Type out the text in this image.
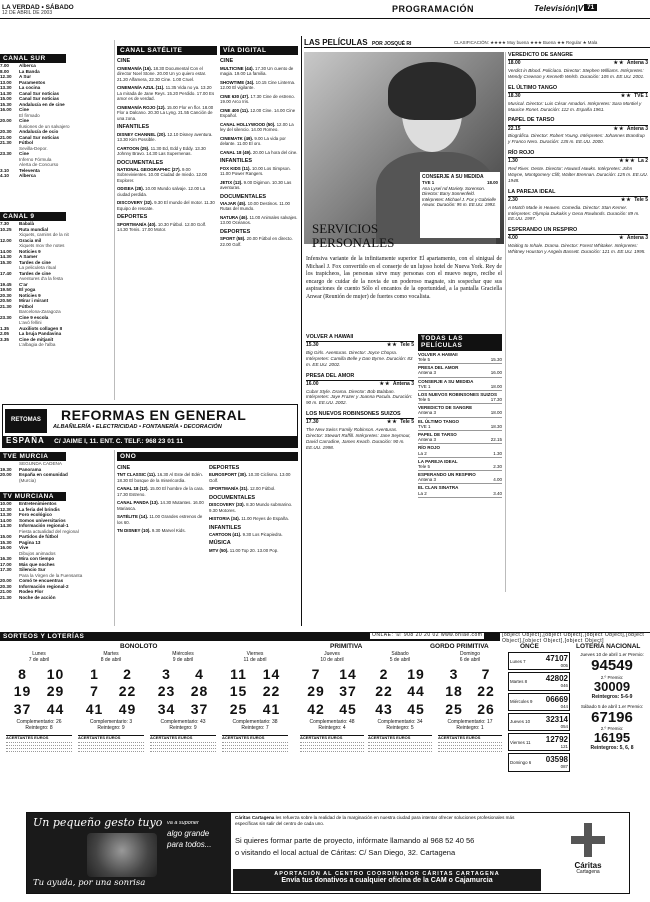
LA VERDAD • SÁBADO
12 DE ABRIL DE 2003	PROGRAMACIÓN	Televisión|V 71
CANAL SUR
7.00	Alberca
8.00	La Banda
12.30	A Sur
13.00	Paramentos
13.30	La cocina
14.30	Canal Sur noticias
15.00	Canal Sur noticias
15.30	Andalucía en de cine
16.00	Cine
El firmado
20.00	Cine
Ilusiones de un salvajero
20.30	Andalucía de ocio
21.00	Canal Sur noticias
21.30	Fútbol
Sevilla-Depor.
23.30	Cine
Inferno Fórmula
Alerta de Concurso
3.10	Televenta
4.10	Alberca
CANAL 9
7.30	Babalà
10.25	Ruta mundial
Xiquets, camins de la nit
12.00	Gracia mil
Xiquets mov the notes
14.00	Notícies 9
14.30	A Samer
15.30	Tardes de cine
La peliculeta ritual
17.40	Tardes de cine
Aventures d'a la festa
19.45	C'ar
19.50	El yoga
20.30	Notícies 9
20.50	Mirar i mirant
21.30	Fútbol
Barcelona-Zaragoza
23.30	Cine 9 escola
L'avó fellini
1.35	Auxiliots collagen II
2.05	La bruja Pandavina
3.35	Cine de mitjanit
L'albagia de l'alba
CANAL SATÉLITE
CINE
CINEMANÍA (16). 18.30 Documental Con el director Noel Stone. 20.00 Un yo quiero estar. 21.20 Alfamera, 22.30 Cine. 1.00 Cruel.
CINEMANÍA AZUL (11). 11.35 Vida no ya. 13.20 La mirada de Jane Reys. 15.20 Perdido. 17.00 Es amor es de verdad.
CINEMANÍA ROJO (12). 15.00 Flor en flor. 18.00 Flor a Dalcano. 20.30 La Lyng. 21.55 Canción de una zona.
INFANTILES
DISNEY CHANNEL (20). 12.10 Disney aventura. 13.30 Kim Possible.
CARTOON (25). 11.30 Ed, Edd y Eddy. 13.30 Johnny Bravo. 14.30 Las Supernenas.
DOCUMENTALES
NATIONAL GEOGRAPHIC (27). 9.00 Sobrevivientes. 10.00 Ciudad de miedo. 12.00 Explorer.
ODISEA (28). 10.00 Mundo salvaje. 12.00 La ciudad perdida.
DISCOVERY (32). 9.30 El mundo del motor. 11.30 Equipo de rescate.
DEPORTES
SPORTMANÍA (40). 10.30 Fútbol. 12.00 Golf. 14.30 Tenis. 17.00 Motor.
VÍA DIGITAL
CINE
MULTICINE (44). 17.30 Un cuento de magia. 19.00 La familia.
SHOWTIME (34). 10.15 Cine Linterna. 12.00 El vigilante.
CINE 630 (47). 17.30 Cine de estreno. 19.00 Arco Iris.
CINE 400 (11). 12.00 Cine. 14.00 Cine Español.
CANAL HOLLYWOOD (50). 12.00 La ley del silencio. 14.00 Romeo.
CINEMATK (49). 9.00 La vida por delante. 11.00 El oro.
CANAL 18 (49). 20.00 La hora del cine.
INFANTILES
FOX KIDS (11). 10.00 Los Simpson. 11.00 Power Rangers.
JETIX (12). 9.00 Digimon. 10.30 Las aventuras.
DOCUMENTALES
VIAJAR (45). 10.00 Destinos. 11.00 Rutas del mundo.
NATURA (46). 11.00 Animales salvajes. 13.00 Océanos.
DEPORTES
SPORT (58). 20.00 Fútbol en directo. 22.00 Golf.
RETOMAS	REFORMAS EN GENERAL
ALBAÑILERÍA • ELECTRICIDAD • FONTANERÍA • DECORACIÓN
ESPAÑA C/ JAIME I, 11. ENT. C. TELF.: 968 23 01 11
TVE MURCIA
SEGUNDA CADENA
19.30	Panorama
20.00	España en comunidad
(Murcia)
TV MURCIANA
10.00	Entretenimientos
12.30	La feria del brindis
13.30	Foro ecológico
14.00	Somos universitarios
14.30	Información regional-1
Fiesta actualidad del regional
15.00	Partidos de fútbol
15.30	Pagina 13
16.00	Vive
Dibujos animados
16.30	Mira con tiempo
17.00	Más que noches
17.30	Silencio Sur
Para la Virgen de la Fuensanta
20.00	Comó te encuentras
20.30	Información regional-2
21.00	Rodeo Flor
21.30	Noche de acción
ONO
CINE
TNT CLASSIC (11). 16.30 Al Este del Edén. 18.30 El bosque de la misericordia.
CANAL 18 (12). 15.00 El hombre de la cara. 17.30 Estreno.
CANAL PANDA (13). 14.30 Mutantes. 16.00 Mariasca.
SATÉLITE (14). 11.00 Grandes estrenos de los 60.
TN DISNEY (10). 9.30 Marvel Kids.
DEPORTES
EUROSPORT (30). 10.30 Ciclismo. 13.00 Golf.
SPORTMANÍA (31). 12.00 Fútbol.
DOCUMENTALES
DISCOVERY (33). 8.30 Mundo submarino. 9.30 Motores.
HISTORIA (34). 11.00 Reyes de España.
INFANTILES
CARTOON (41). 9.30 Los Picapiedra.
MÚSICA
MTV (50). 11.00 Top 20. 13.00 Pop.
LAS PELÍCULAS POR JOSQUÉ RI	CLASIFICACIÓN: ★★★★ Muy buena ★★★ Buena ★★ Regular ★ Mala
CONSERJE A SU MEDIDA
TVE 1	18.00
Ana Lysel nd Mariety. Sorenson. Director: Barry Sonnenfeld. Intérpretes: Michael J. Fox y Gabrielle Anwar. Duración: 95 m. EE.UU. 1993.
SERVICIOS PERSONALES
Infensiva variante de la infinitamente superior El apartamento, con el sinigual de Michael J. Fox convertido en el conserje de un lujoso hotel de Nueva York. Rey de los trapicheos, las personas sirve muy personas con el muevo negro, recibe el encargo de cuidar de la novia de un poderoso magnate, sin sospechar que sus aspiraciones de cuento Sólo el encantos de la oportunidad, a la pantalla Graciella Anwar (Reunión de mujer) de fuertes como vocalista.
VOLVER A HAWAII
15.30	★★ Tele 5
Big Girls. Aventuras. Director: Joyce Chopra. Intérpretes: Camilla Belle y Dan Byrne. Duración: 83 m. EE.UU. 2002.
PRESA DEL AMOR
16.00	★★ Antena 3
Cuba! Style. Drama. Director: Bob Balaban. Intérpretes: Jaye Frazer y Joanna Pacula. Duración: 90 m. EE.UU. 2002.
LOS NUEVOS ROBINSONES SUIZOS
17.30	★★ Tele 5
The New Swiss Family Robinson. Aventuras. Director: Stewart Raffill. Intérpretes: Jane Seymour, David Carradine, James Keach. Duración: 90 m. EE.UU. 1998.
TODAS LAS PELÍCULAS
VOLVER A HAWAII
Tele 5	15.30
PRESA DEL AMOR
Antena 3	16.00
CONSERJE A SU MEDIDA
TVE 1	18.00
LOS NUEVOS ROBINSONES SUIZOS
Tele 5	17.30
VEREDICTO DE SANGRE
Antena 3	18.00
EL ÚLTIMO TANGO
TVE 1	18.30
PAPEL DE TARSO
Antena 3	22.15
RÍO ROJO
La 2	1.30
LA PAREJA IDEAL
Tele 5	2.30
ESPERANDO UN RESPIRO
Antena 3	4.00
EL CLAN SINATRA
La 2	3.40
VEREDICTO DE SANGRE
18.00	★★ Antena 3
Verdict in Blood. Policíaco. Director: Stephen Williams. Intérpretes: Wendy Crewson y Kenneth Welsh. Duración: 105 m. EE.UU. 2001.
EL ÚLTIMO TANGO
18.30	★★ TVE 1
Musical. Director: Luis César Amadori. Intérpretes: Sara Montiel y Maurice Ronet. Duración: 112 m. España 1961.
PAPEL DE TARSO
22.15	★★ Antena 3
Biográfica. Director: Robert Young. Intérpretes: Johannes Brandrup y Franco Nero. Duración: 135 m. EE.UU. 2000.
RÍO ROJO
1.30	★★★ La 2
Red River. Oeste. Director: Howard Hawks. Intérpretes: John Wayne, Montgomery Clift, Walter Brennan. Duración: 125 m. EE.UU. 1948.
LA PAREJA IDEAL
2.30	★★ Tele 5
A Match Made in Heaven. Comedia. Director: Stan Kerner. Intérpretes: Olympia Dukakis y Gena Rowlands. Duración: 89 m. EE.UU. 1997.
ESPERANDO UN RESPIRO
4.00	★ Antena 3
Waiting to Inhale. Drama. Director: Forest Whitaker. Intérpretes: Whitney Houston y Angela Bassett. Duración: 121 m. EE.UU. 1995.
SORTEOS Y LOTERÍAS	ONLAE: ☏ 908 20 20 02 www.onlae.com	[object Object],[object Object],[object Object],[object Object],[object Object],[object Object]
BONOLOTO	PRIMITIVA	GORDO PRIMITIVA	ONCE	LOTERÍA NACIONAL
Lunes
7 de abril
8	10
19	29
37	44
Complementario: 26
Reintegro: 8
ACERTANTES EUROS
Martes
8 de abril
1	2
7	22
41	49
Complementario: 3
Reintegro: 9
ACERTANTES EUROS
Miércoles
9 de abril
3	4
23	28
34	37
Complementario: 43
Reintegro: 9
ACERTANTES EUROS
Viernes
11 de abril
11	14
15	22
25	41
Complementario: 38
Reintegro: 7
ACERTANTES EUROS
Jueves
10 de abril
7	14
29	37
42	45
Complementario: 48
Reintegro: 4
ACERTANTES EUROS
Sábado
5 de abril
2	19
22	44
43	45
Complementario: 34
Reintegro: 5
ACERTANTES EUROS
Domingo
6 de abril
3	7
18	22
25	26
Complementario: 17
Reintegro: 1
ACERTANTES EUROS
Lunes 7	47107
005
Martes 8 42802
046
Miércoles 9 06669
044
Jueves 10 32314
054
Viernes 11 12792
121
Domingo 6 03598
087
Jueves 10 de abril 1.er Premio:
94549
2.º Premio:
30009
Reintegros: 5-6-9
Sábado 5 de abril 1.er Premio:
67196
2.º Premio:
16195
Reintegros: 5, 6, 8
Un pequeño gesto tuyo va a suponer
algo grande
para todos...
Tu ayuda, por una sonrisa
Cáritas Cartagena les refuerza sobre la realidad de la marginación en nuestra ciudad para intentar ofrecer soluciones profesionales más específicas sin salir del centro de cada uno.
Si quieres formar parte de proyecto, infórmate llamando al 968 52 40 56
o visitando el local actual de Cáritas: C/ San Diego, 32. Cartagena
APORTACIÓN AL CENTRO COORDINADOR CÁRITAS CARTAGENA
Envía tus donativos a cualquier oficina de la CAM o Cajamurcia
Cáritas
Cartagena
